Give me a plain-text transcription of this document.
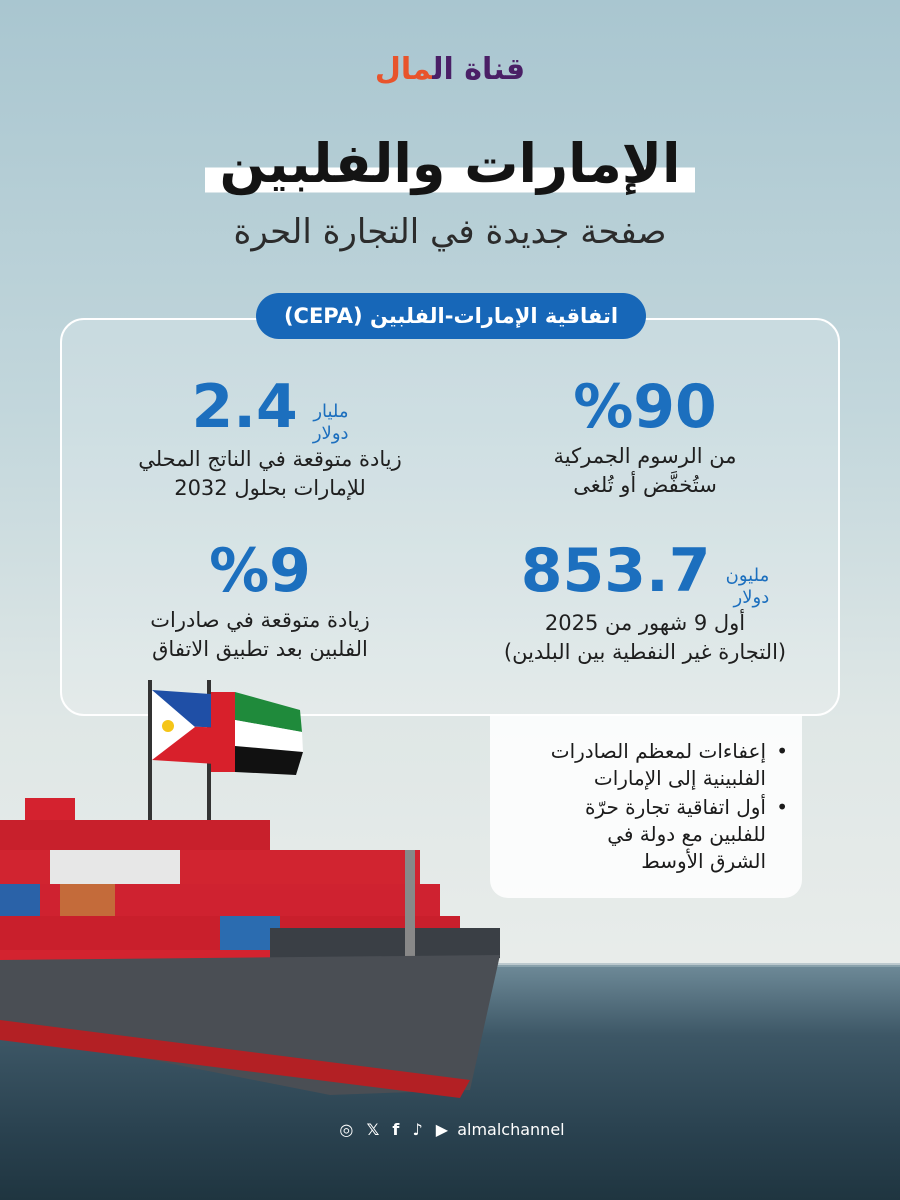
قناة المال
الإمارات والفلبين
صفحة جديدة في التجارة الحرة
اتفاقية الإمارات-الفلبين (CEPA)
%90
من الرسوم الجمركية
ستُخفَّض أو تُلغى
2.4 مليار
دولار
زيادة متوقعة في الناتج المحلي
للإمارات بحلول 2032
853.7 مليون
دولار
أول 9 شهور من 2025
(التجارة غير النفطية بين البلدين)
%9
زيادة متوقعة في صادرات
الفلبين بعد تطبيق الاتفاق
• إعفاءات لمعظم الصادرات
الفلبينية إلى الإمارات
• أول اتفاقية تجارة حرّة
للفلبين مع دولة في
الشرق الأوسط
◎ 𝕏 f ♪ ▶ almalchannel
